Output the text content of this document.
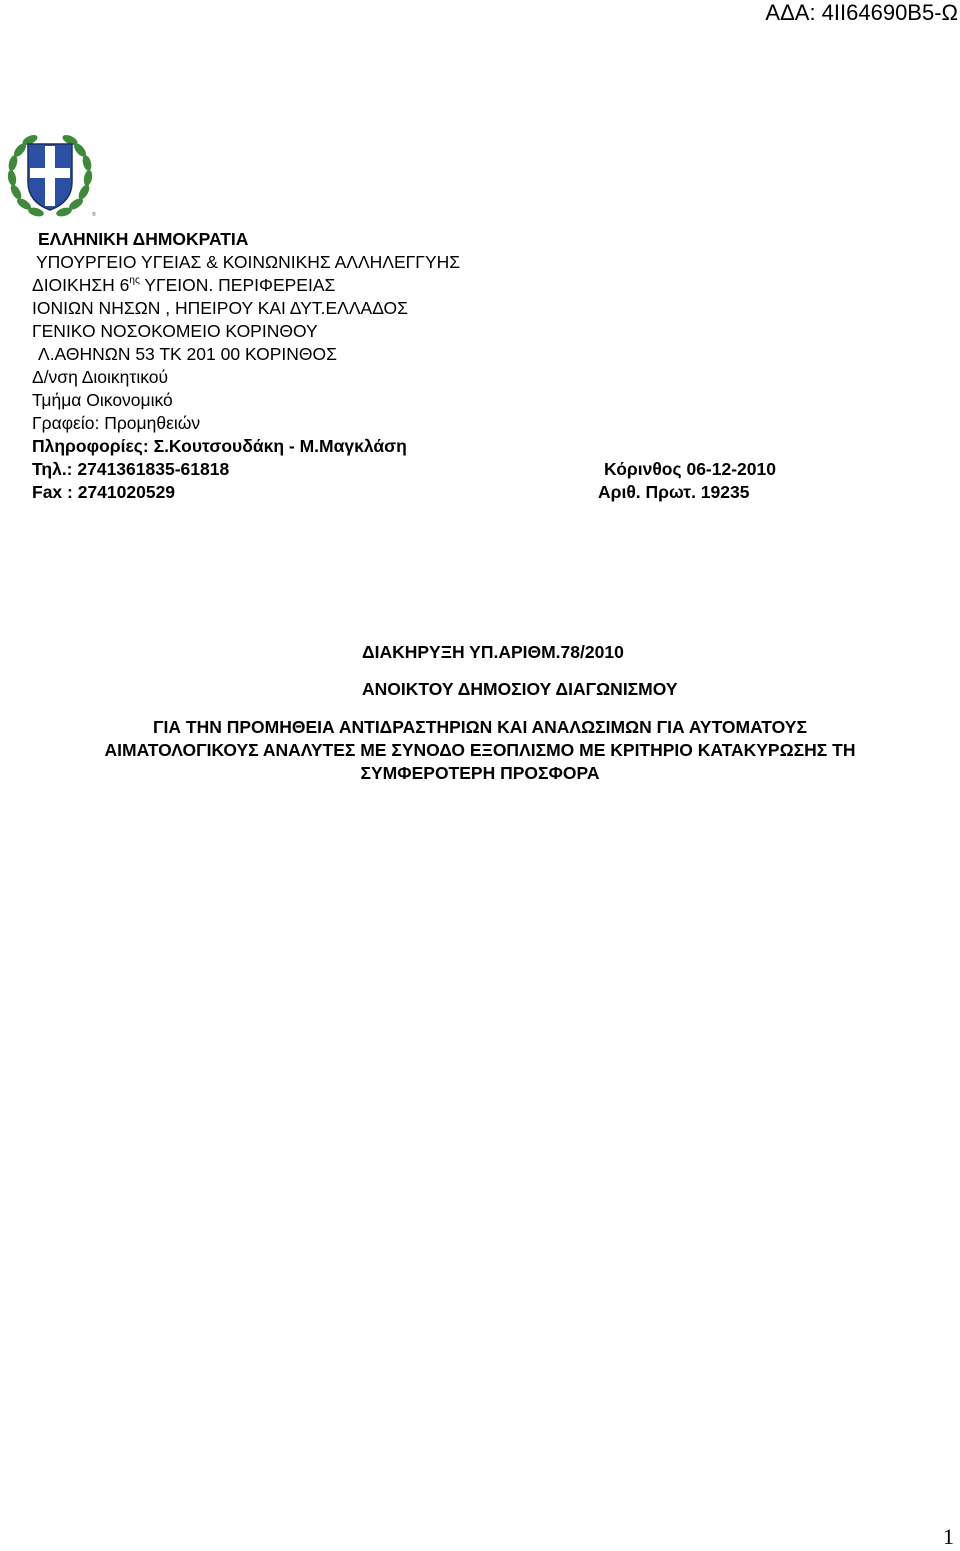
ΑΔΑ: 4ΙΙ64690Β5-Ω
®
ΕΛΛΗΝΙΚΗ ΔΗΜΟΚΡΑΤΙΑ
ΥΠΟΥΡΓΕΙΟ ΥΓΕΙΑΣ & ΚΟΙΝΩΝΙΚΗΣ ΑΛΛΗΛΕΓΓΥΗΣ
ΔΙΟΙΚΗΣΗ $6^{\eta\varsigma}$ ΥΓΕΙΟΝ. ΠΕΡΙΦΕΡΕΙΑΣ
ΙΟΝΙΩΝ ΝΗΣΩΝ , ΗΠΕΙΡΟΥ ΚΑΙ ΔΥΤ.ΕΛΛΑΔΟΣ
ΓΕΝΙΚΟ ΝΟΣΟΚΟΜΕΙΟ ΚΟΡΙΝΘΟΥ
Λ.ΑΘΗΝΩΝ 53 ΤΚ 201 00 ΚΟΡΙΝΘΟΣ
Δ/νση Διοικητικού
Τμήμα Οικονομικό
Γραφείο: Προμηθειών
Πληροφορίες: Σ.Κουτσουδάκη - Μ.Μαγκλάση
Τηλ.: 2741361835-61818
Fax : 2741020529
Κόρινθος 06-12-2010
Αριθ. Πρωτ. 19235
ΔΙΑΚΗΡΥΞΗ ΥΠ.ΑΡΙΘΜ.78/2010
ΑΝΟΙΚΤΟΥ ΔΗΜΟΣΙΟΥ ΔΙΑΓΩΝΙΣΜΟΥ
ΓΙΑ ΤΗΝ ΠΡΟΜΗΘΕΙΑ ΑΝΤΙΔΡΑΣΤΗΡΙΩΝ ΚΑΙ ΑΝΑΛΩΣΙΜΩΝ ΓΙΑ ΑΥΤΟΜΑΤΟΥΣ
ΑΙΜΑΤΟΛΟΓΙΚΟΥΣ ΑΝΑΛΥΤΕΣ ΜΕ ΣΥΝΟΔΟ ΕΞΟΠΛΙΣΜΟ ΜΕ ΚΡΙΤΗΡΙΟ ΚΑΤΑΚΥΡΩΣΗΣ ΤΗ
ΣΥΜΦΕΡΟΤΕΡΗ ΠΡΟΣΦΟΡΑ
1
